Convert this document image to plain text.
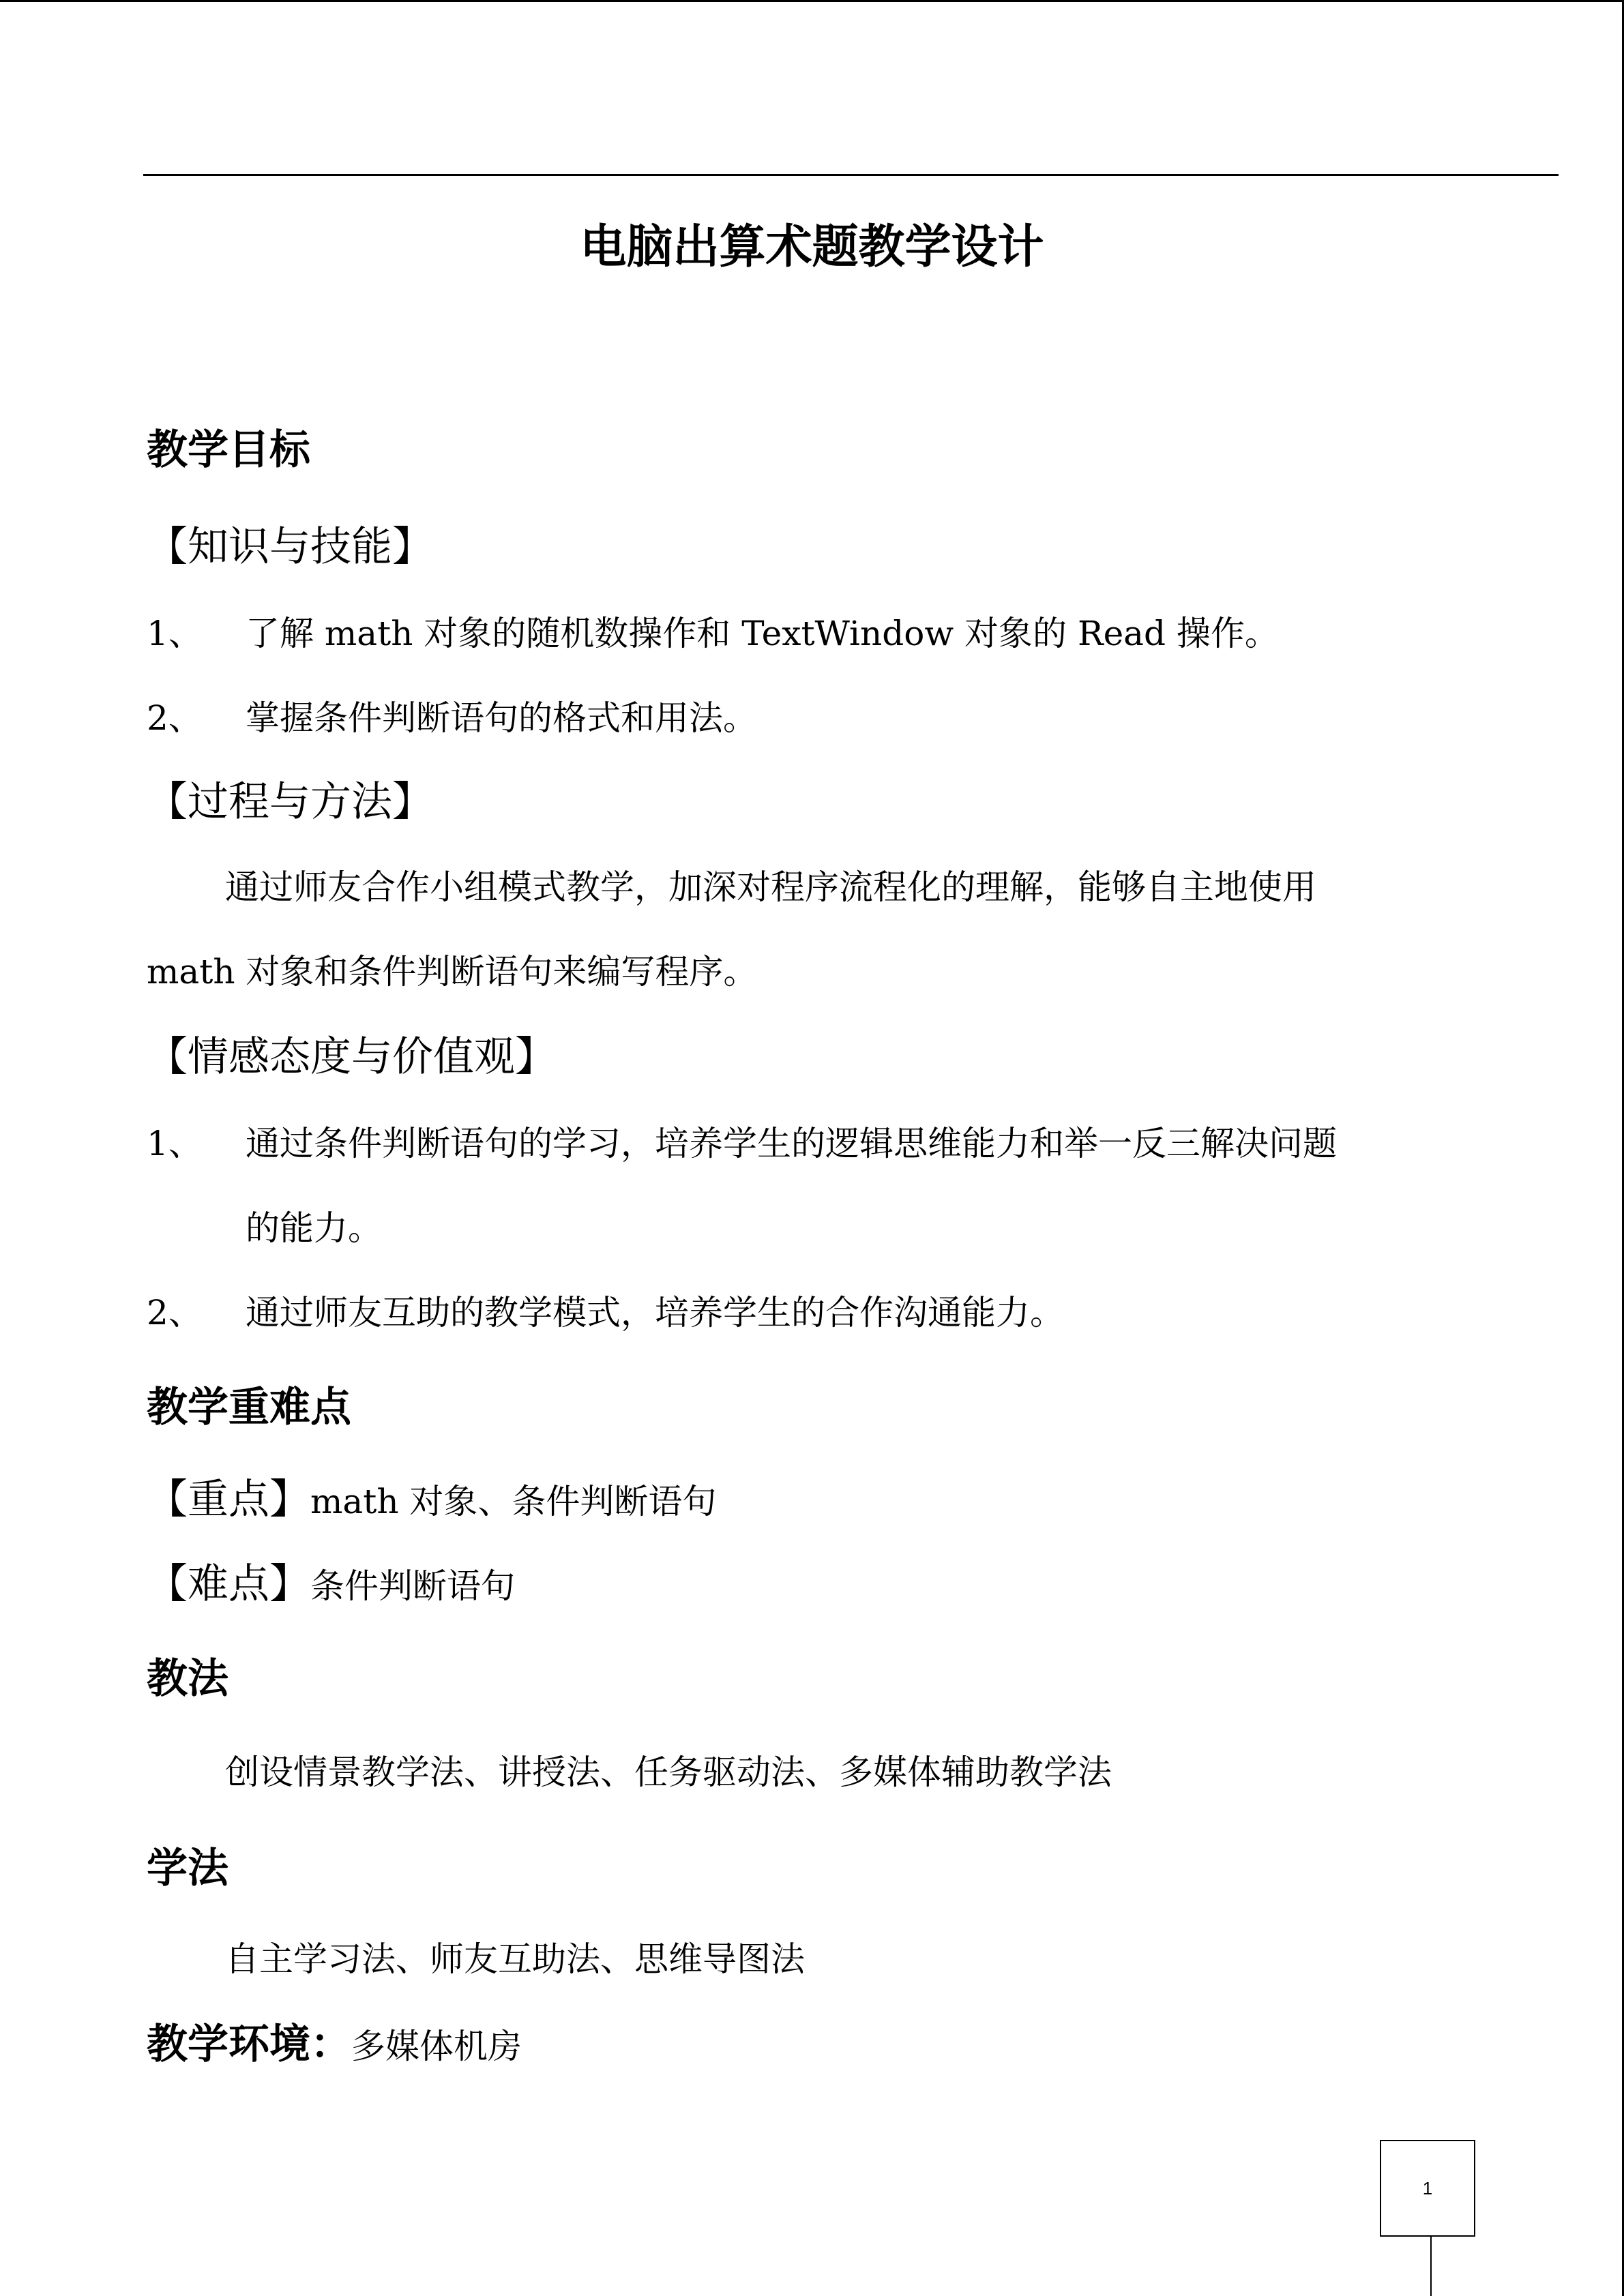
电脑出算术题教学设计
教学目标
【知识与技能】
1、 了解 math 对象的随机数操作和 TextWindow 对象的 Read 操作。
2、 掌握条件判断语句的格式和用法。
【过程与方法】
通过师友合作小组模式教学，加深对程序流程化的理解，能够自主地使用
math 对象和条件判断语句来编写程序。
【情感态度与价值观】
1、 通过条件判断语句的学习，培养学生的逻辑思维能力和举一反三解决问题
的能力。
2、 通过师友互助的教学模式，培养学生的合作沟通能力。
教学重难点
【重点】math 对象、条件判断语句
【难点】条件判断语句
教法
创设情景教学法、讲授法、任务驱动法、多媒体辅助教学法
学法
自主学习法、师友互助法、思维导图法
教学环境：多媒体机房
1
